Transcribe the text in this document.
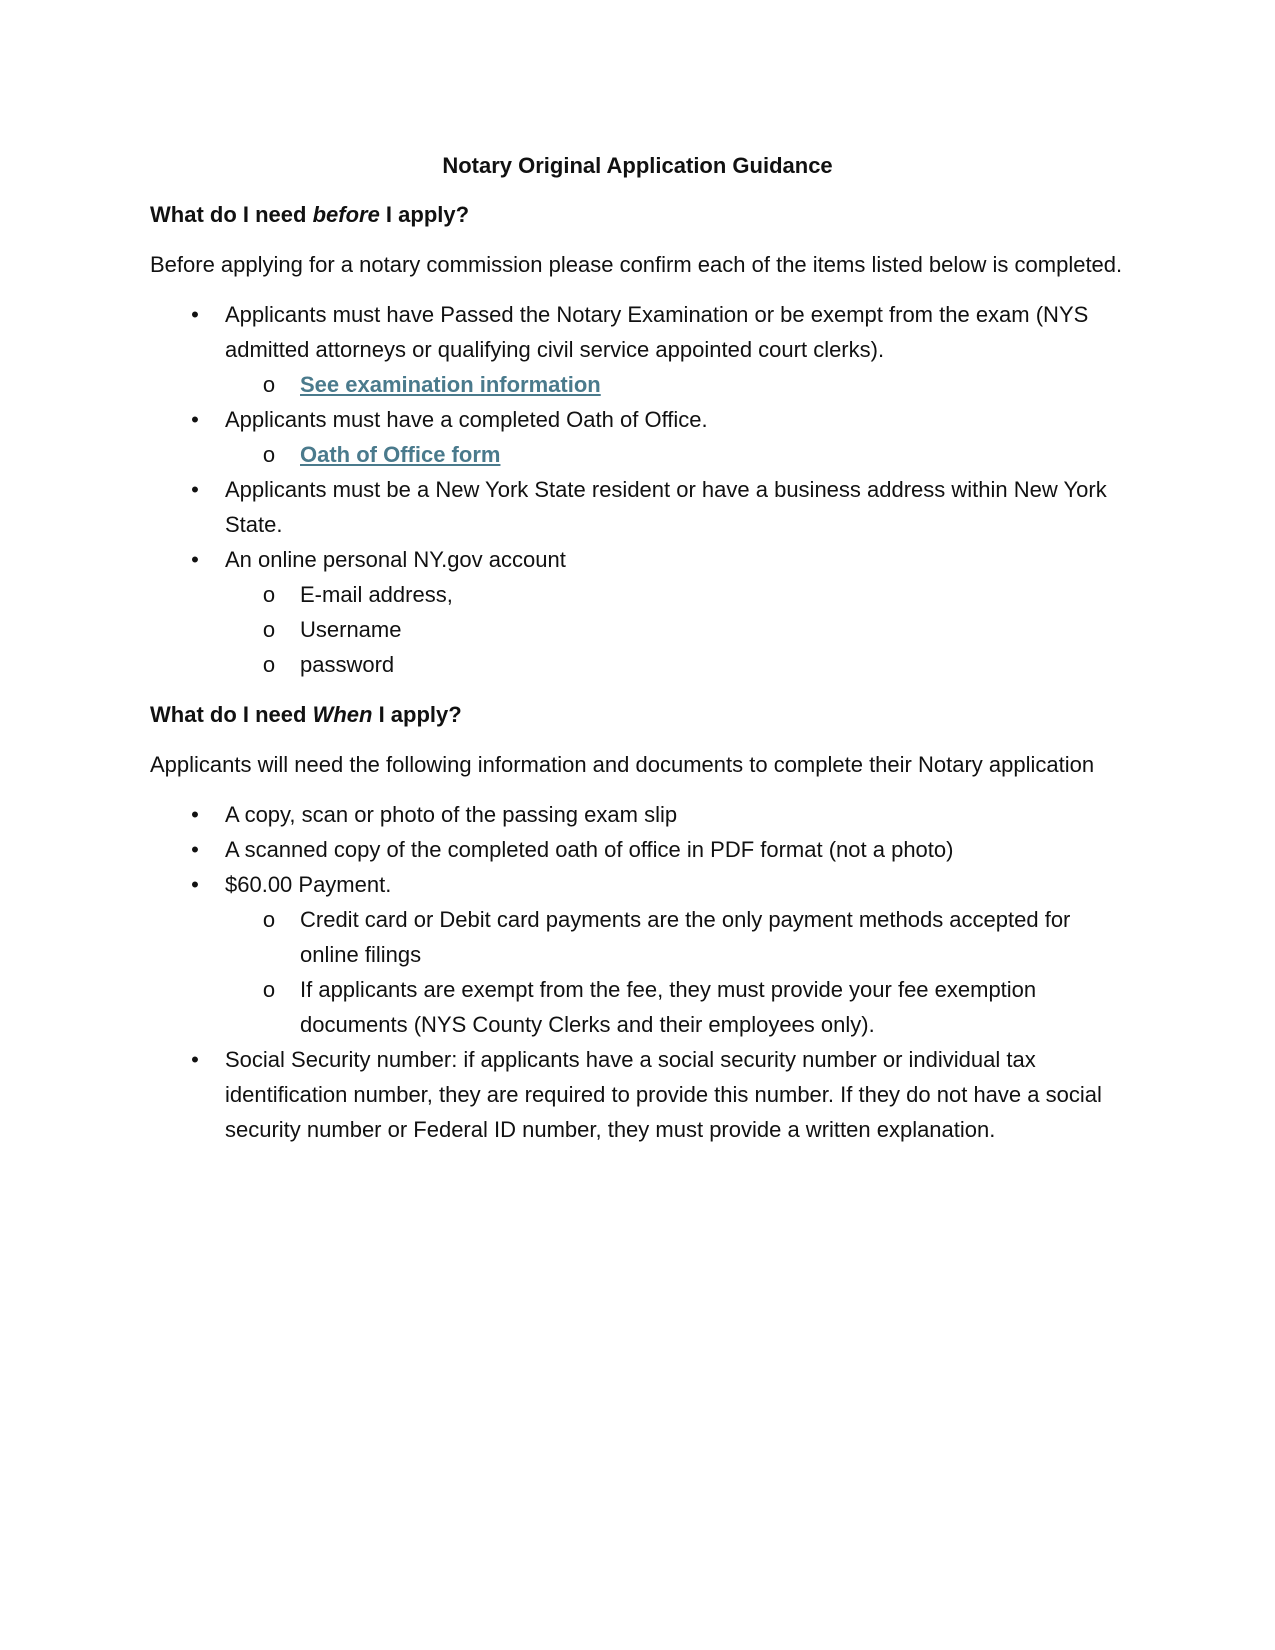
Notary Original Application Guidance
What do I need before I apply?

Before applying for a notary commission please confirm each of the items listed below is completed.

• Applicants must have Passed the Notary Examination or be exempt from the exam (NYS admitted attorneys or qualifying civil service appointed court clerks).
o See examination information
• Applicants must have a completed Oath of Office.
o Oath of Office form
• Applicants must be a New York State resident or have a business address within New York State.
• An online personal NY.gov account
o E-mail address,
o Username
o password
What do I need When I apply?

Applicants will need the following information and documents to complete their Notary application

• A copy, scan or photo of the passing exam slip
• A scanned copy of the completed oath of office in PDF format (not a photo)
• $60.00 Payment.
o Credit card or Debit card payments are the only payment methods accepted for online filings
o If applicants are exempt from the fee, they must provide your fee exemption documents (NYS County Clerks and their employees only).
• Social Security number: if applicants have a social security number or individual tax identification number, they are required to provide this number. If they do not have a social security number or Federal ID number, they must provide a written explanation.
